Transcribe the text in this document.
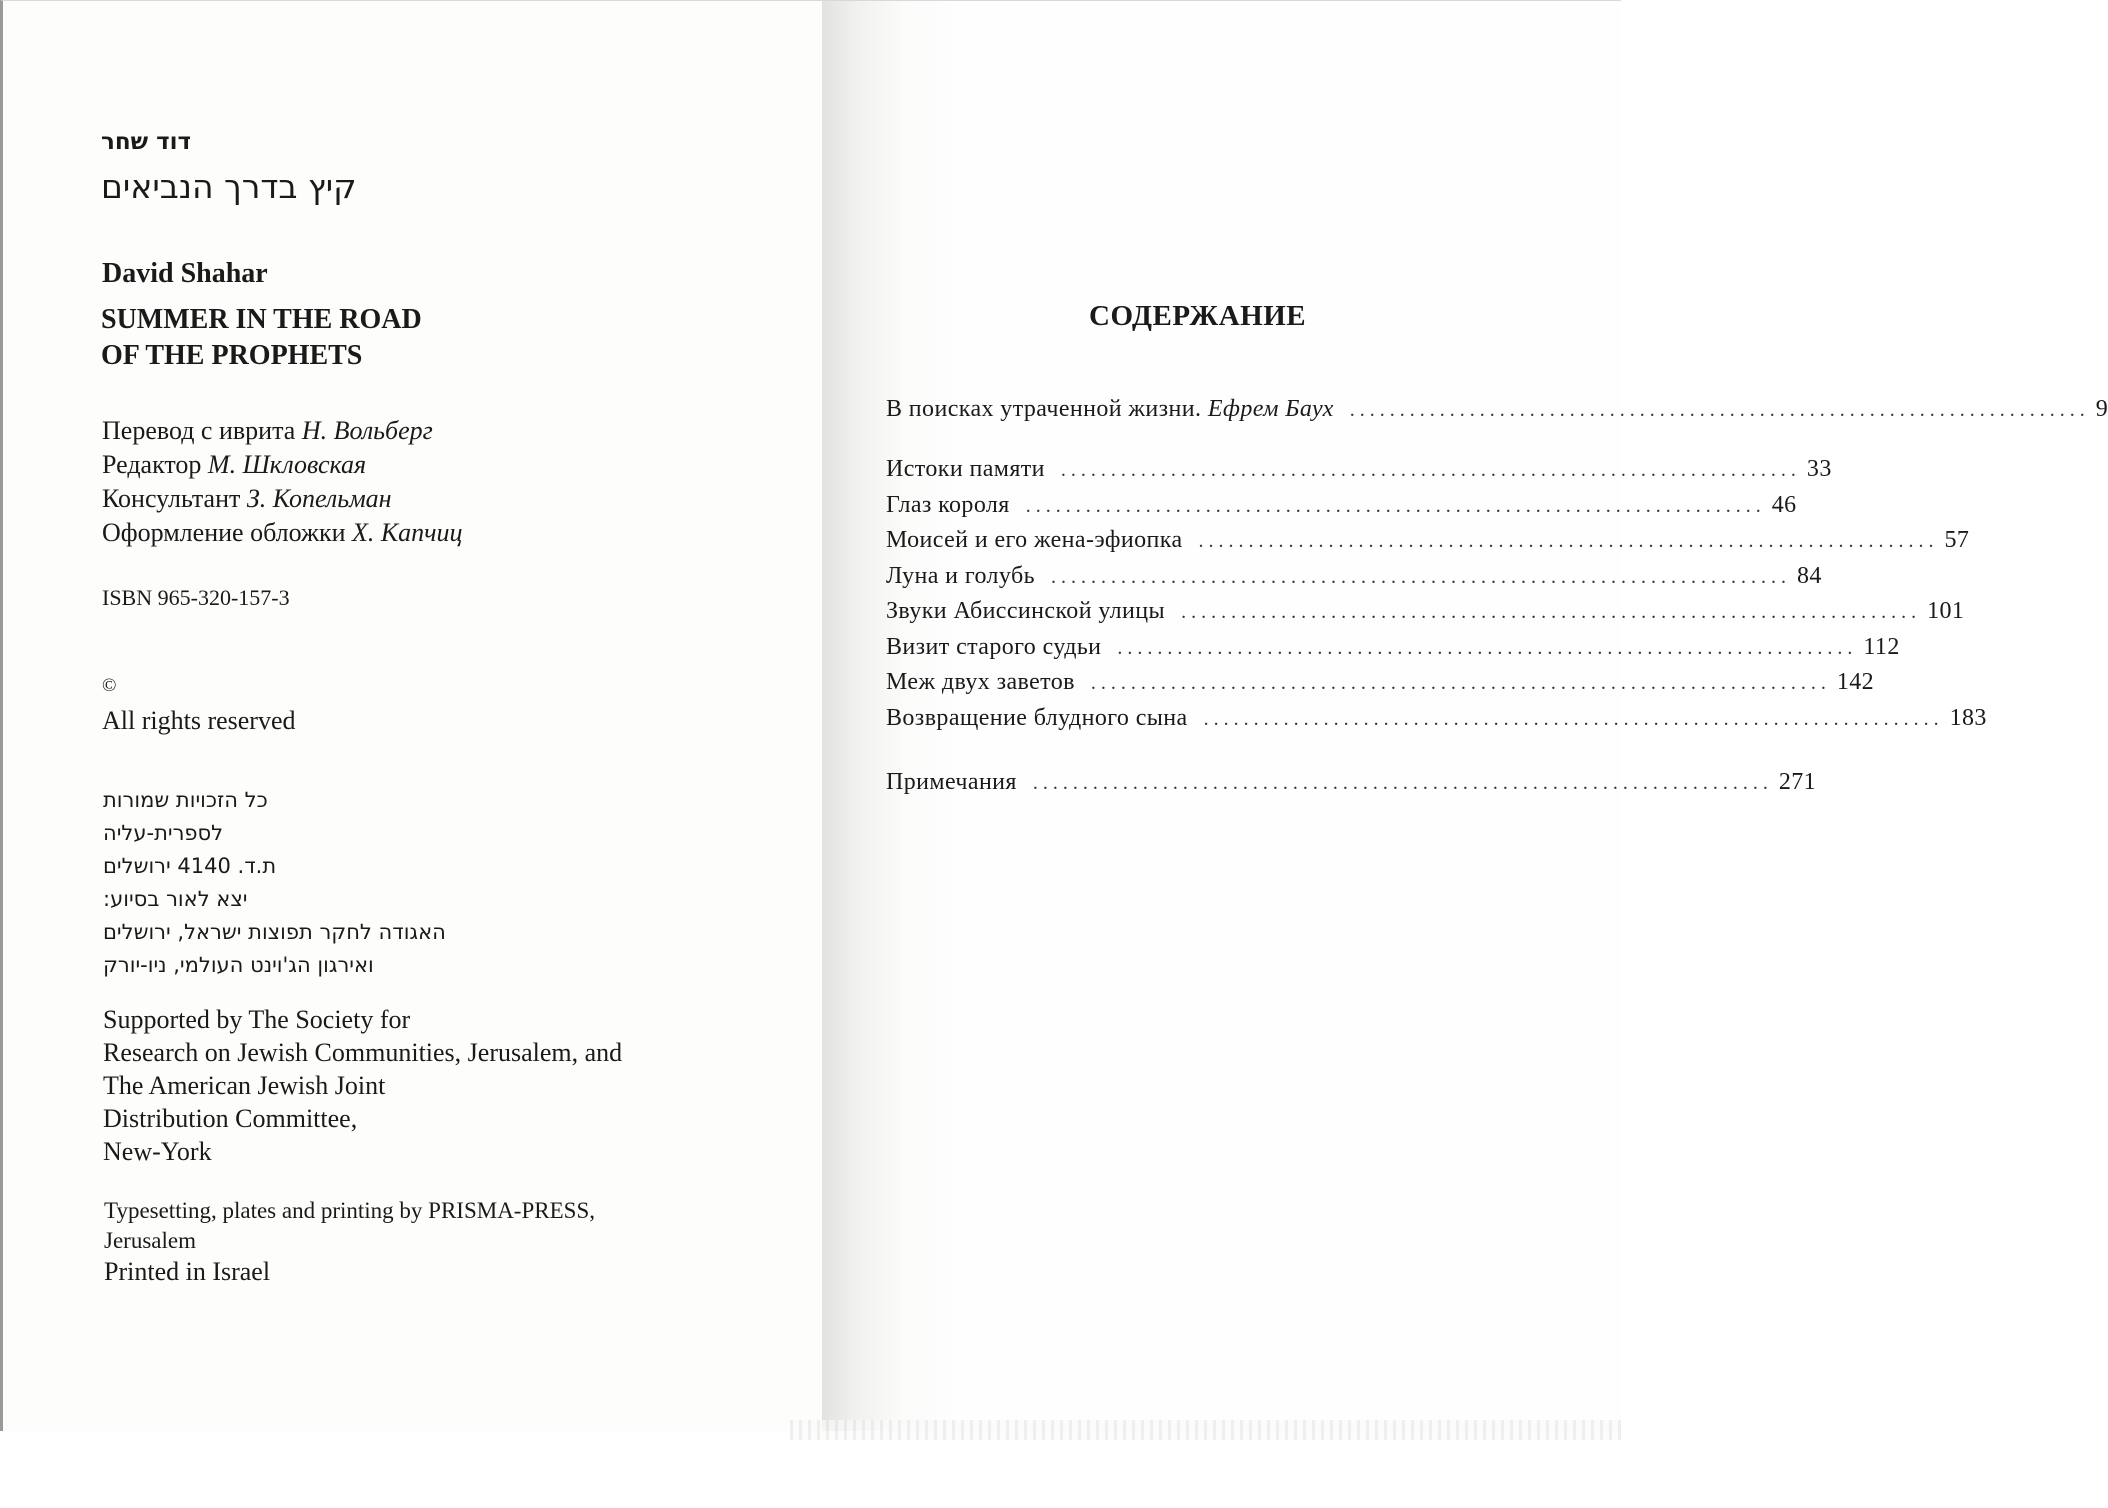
דוד שחר
קיץ בדרך הנביאים
David Shahar
SUMMER IN THE ROAD
OF THE PROPHETS
Перевод с иврита Н. Вольберг
Редактор М. Шкловская
Консультант З. Копельман
Оформление обложки Х. Капчиц
ISBN 965-320-157-3
©
All rights reserved
כל הזכויות שמורות
לספרית-עליה
ת.ד. 4140 ירושלים
יצא לאור בסיוע:
האגודה לחקר תפוצות ישראל, ירושלים
ואירגון הג'וינט העולמי, ניו-יורק
Supported by The Society for
Research on Jewish Communities, Jerusalem, and
The American Jewish Joint
Distribution Committee,
New-York
Typesetting, plates and printing by PRISMA-PRESS,
Jerusalem
Printed in Israel
СОДЕРЖАНИЕ
В поисках утраченной жизни. Ефрем Баух .......................................................................... 9
Истоки памяти .......................................................................... 33
Глаз короля .......................................................................... 46
Моисей и его жена-эфиопка .......................................................................... 57
Луна и голубь .......................................................................... 84
Звуки Абиссинской улицы .......................................................................... 101
Визит старого судьи .......................................................................... 112
Меж двух заветов .......................................................................... 142
Возвращение блудного сына .......................................................................... 183
Примечания .......................................................................... 271
